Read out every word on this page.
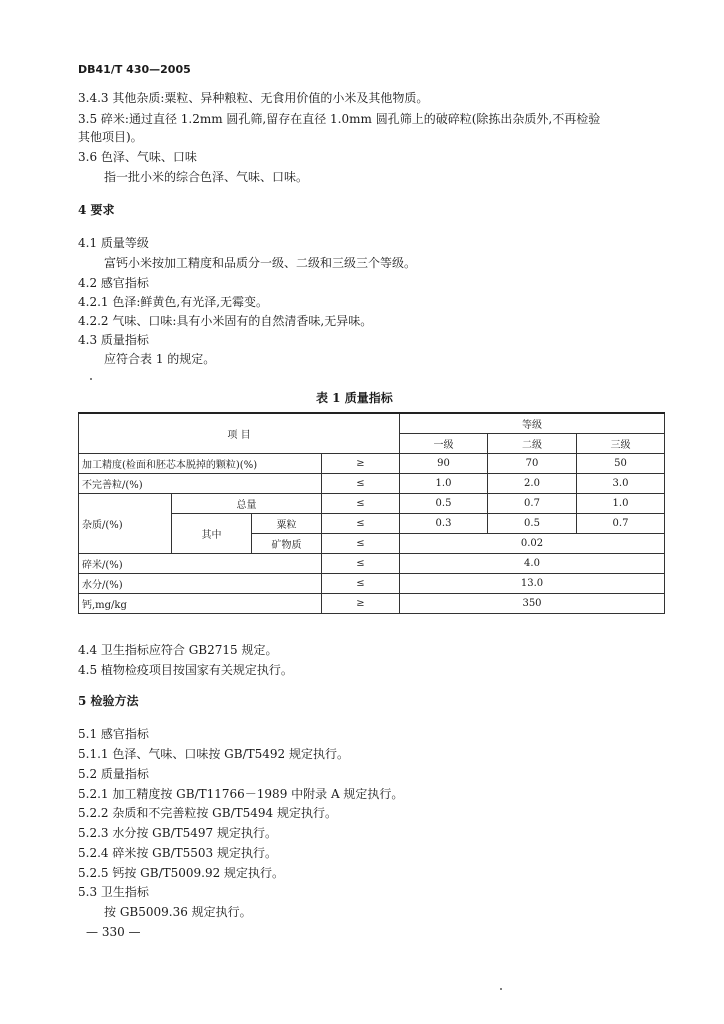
DB41/T 430—2005
3.4.3 其他杂质:粟粒、异种粮粒、无食用价值的小米及其他物质。
3.5 碎米:通过直径 1.2mm 圆孔筛,留存在直径 1.0mm 圆孔筛上的破碎粒(除拣出杂质外,不再检验
其他项目)。
3.6 色泽、气味、口味
指一批小米的综合色泽、气味、口味。
4 要求
4.1 质量等级
富钙小米按加工精度和品质分一级、二级和三级三个等级。
4.2 感官指标
4.2.1 色泽:鲜黄色,有光泽,无霉变。
4.2.2 气味、口味:具有小米固有的自然清香味,无异味。
4.3 质量指标
应符合表 1 的规定。
表 1 质量指标
项 目				等级		
				一级	二级	三级
加工精度(检面和胚芯本脱掉的颗粒)(%)			≥	90	70	50
不完善粒/(%)			≤	1.0	2.0	3.0
杂质/(%)	总量		≤	0.5	0.7	1.0
	其中	粟粒	≤	0.3	0.5	0.7
		矿物质	≤	0.02		
碎米/(%)			≤	4.0		
水分/(%)			≤	13.0		
钙,mg/kg			≥	350		
4.4 卫生指标应符合 GB2715 规定。
4.5 植物检疫项目按国家有关规定执行。
5 检验方法
5.1 感官指标
5.1.1 色泽、气味、口味按 GB/T5492 规定执行。
5.2 质量指标
5.2.1 加工精度按 GB/T11766－1989 中附录 A 规定执行。
5.2.2 杂质和不完善粒按 GB/T5494 规定执行。
5.2.3 水分按 GB/T5497 规定执行。
5.2.4 碎米按 GB/T5503 规定执行。
5.2.5 钙按 GB/T5009.92 规定执行。
5.3 卫生指标
按 GB5009.36 规定执行。
— 330 —
